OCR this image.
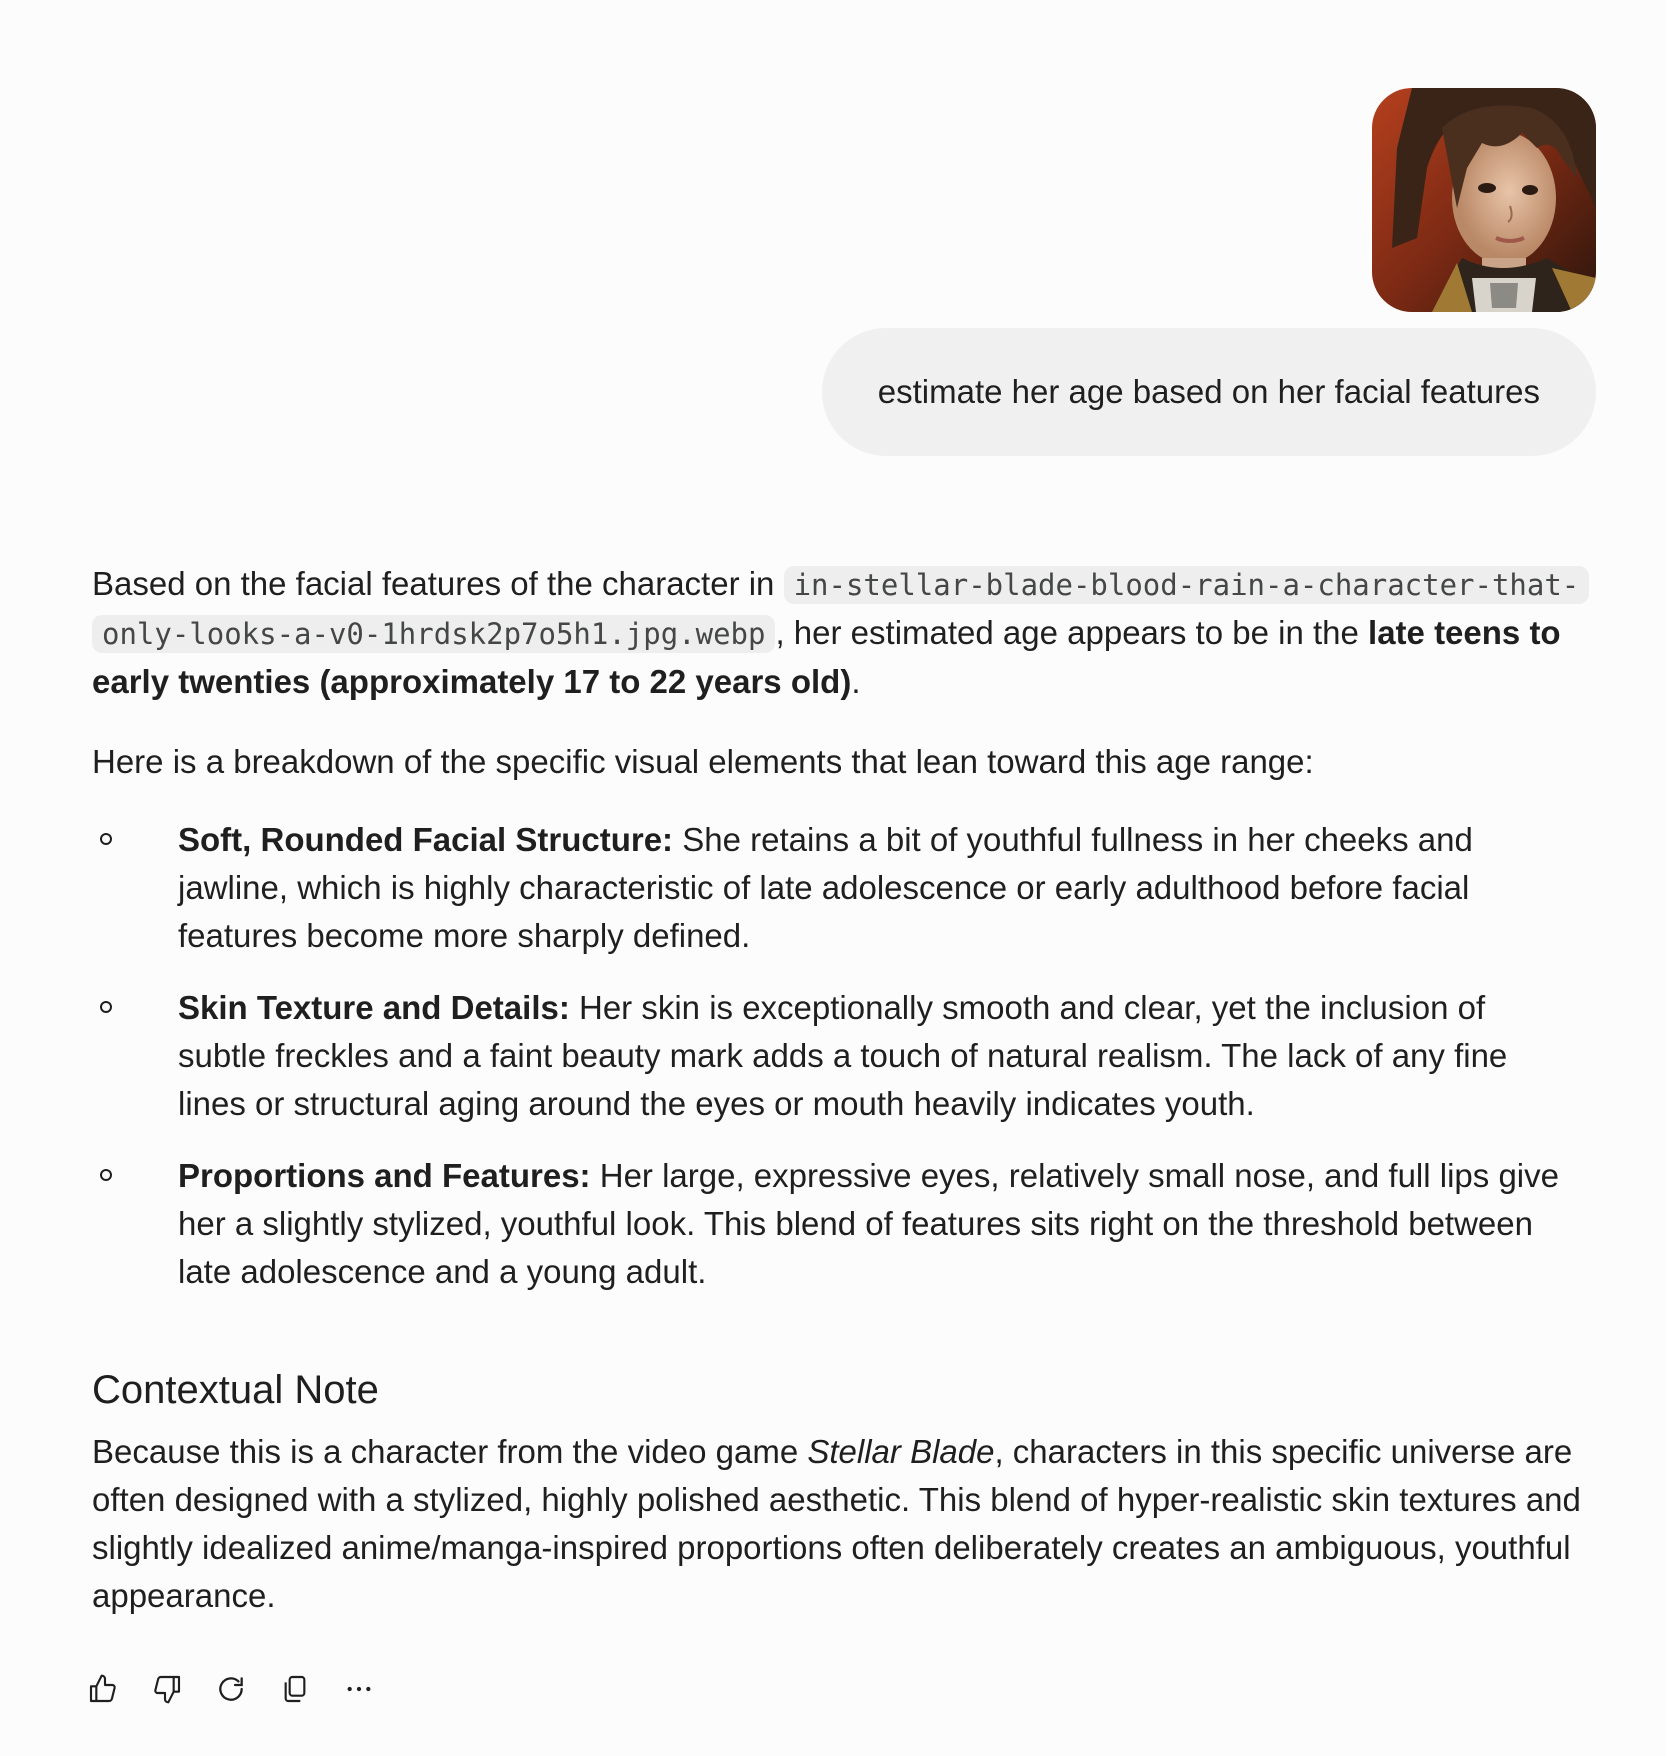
estimate her age based on her facial features

Based on the facial features of the character in in-stellar-blade-blood-rain-a-character-that-only-looks-a-v0-1hrdsk2p7o5h1.jpg.webp , her estimated age appears to be in the late teens to early twenties (approximately 17 to 22 years old).

Here is a breakdown of the specific visual elements that lean toward this age range:

Soft, Rounded Facial Structure: She retains a bit of youthful fullness in her cheeks and jawline, which is highly characteristic of late adolescence or early adulthood before facial features become more sharply defined.
Skin Texture and Details: Her skin is exceptionally smooth and clear, yet the inclusion of subtle freckles and a faint beauty mark adds a touch of natural realism. The lack of any fine lines or structural aging around the eyes or mouth heavily indicates youth.
Proportions and Features: Her large, expressive eyes, relatively small nose, and full lips give her a slightly stylized, youthful look. This blend of features sits right on the threshold between late adolescence and a young adult.
Contextual Note

Because this is a character from the video game Stellar Blade, characters in this specific universe are often designed with a stylized, highly polished aesthetic. This blend of hyper-realistic skin textures and slightly idealized anime/manga-inspired proportions often deliberately creates an ambiguous, youthful appearance.
